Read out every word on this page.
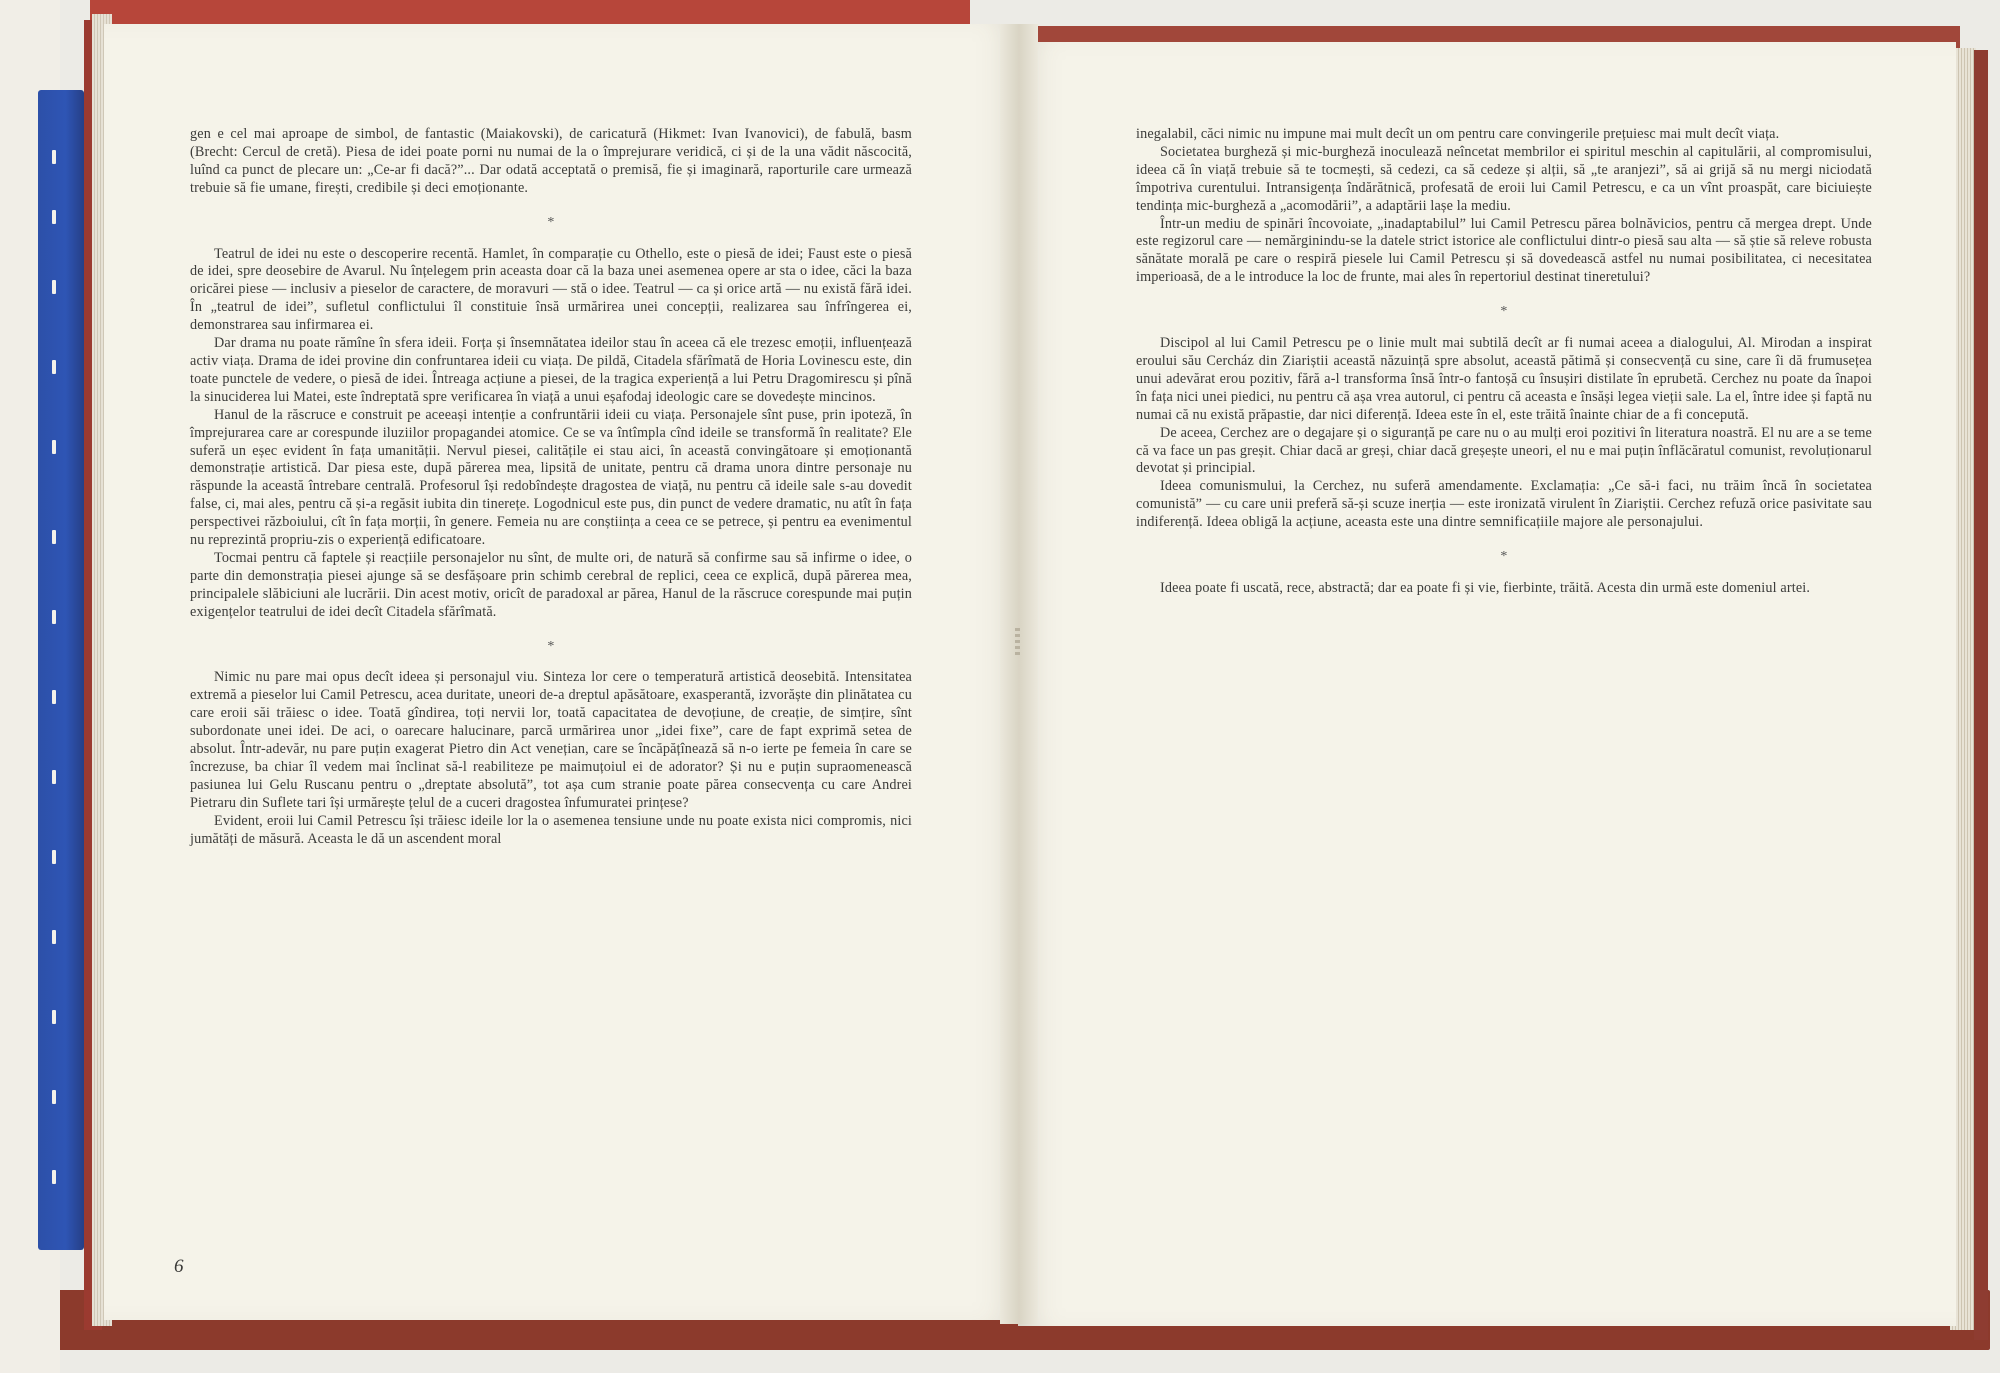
gen e cel mai aproape de simbol, de fantastic (Maiakovski), de caricatură (Hikmet: Ivan Ivanovici), de fabulă, basm (Brecht: Cercul de cretă). Piesa de idei poate porni nu numai de la o împrejurare veridică, ci și de la una vădit născocită, luînd ca punct de plecare un: „Ce-ar fi dacă?”... Dar odată acceptată o premisă, fie și imaginară, raporturile care urmează trebuie să fie umane, firești, credibile și deci emoționante.

*

Teatrul de idei nu este o descoperire recentă. Hamlet, în comparație cu Othello, este o piesă de idei; Faust este o piesă de idei, spre deosebire de Avarul. Nu înțelegem prin aceasta doar că la baza unei asemenea opere ar sta o idee, căci la baza oricărei piese — inclusiv a pieselor de caractere, de moravuri — stă o idee. Teatrul — ca și orice artă — nu există fără idei. În „teatrul de idei”, sufletul conflictului îl constituie însă urmărirea unei concepții, realizarea sau înfrîngerea ei, demonstrarea sau infirmarea ei.

Dar drama nu poate rămîne în sfera ideii. Forța și însemnătatea ideilor stau în aceea că ele trezesc emoții, influențează activ viața. Drama de idei provine din confruntarea ideii cu viața. De pildă, Citadela sfărîmată de Horia Lovinescu este, din toate punctele de vedere, o piesă de idei. Întreaga acțiune a piesei, de la tragica experiență a lui Petru Dragomirescu și pînă la sinuciderea lui Matei, este îndreptată spre verificarea în viață a unui eșafodaj ideologic care se dovedește mincinos.

Hanul de la răscruce e construit pe aceeași intenție a confruntării ideii cu viața. Personajele sînt puse, prin ipoteză, în împrejurarea care ar corespunde iluziilor propagandei atomice. Ce se va întîmpla cînd ideile se transformă în realitate? Ele suferă un eșec evident în fața umanității. Nervul piesei, calitățile ei stau aici, în această convingătoare și emoționantă demonstrație artistică. Dar piesa este, după părerea mea, lipsită de unitate, pentru că drama unora dintre personaje nu răspunde la această întrebare centrală. Profesorul își redobîndește dragostea de viață, nu pentru că ideile sale s-au dovedit false, ci, mai ales, pentru că și-a regăsit iubita din tinerețe. Logodnicul este pus, din punct de vedere dramatic, nu atît în fața perspectivei războiului, cît în fața morții, în genere. Femeia nu are conștiința a ceea ce se petrece, și pentru ea evenimentul nu reprezintă propriu-zis o experiență edificatoare.

Tocmai pentru că faptele și reacțiile personajelor nu sînt, de multe ori, de natură să confirme sau să infirme o idee, o parte din demonstrația piesei ajunge să se desfășoare prin schimb cerebral de replici, ceea ce explică, după părerea mea, principalele slăbiciuni ale lucrării. Din acest motiv, oricît de paradoxal ar părea, Hanul de la răscruce corespunde mai puțin exigențelor teatrului de idei decît Citadela sfărîmată.

*

Nimic nu pare mai opus decît ideea și personajul viu. Sinteza lor cere o temperatură artistică deosebită. Intensitatea extremă a pieselor lui Camil Petrescu, acea duritate, uneori de-a dreptul apăsătoare, exasperantă, izvorăște din plinătatea cu care eroii săi trăiesc o idee. Toată gîndirea, toți nervii lor, toată capacitatea de devoțiune, de creație, de simțire, sînt subordonate unei idei. De aci, o oarecare halucinare, parcă urmărirea unor „idei fixe”, care de fapt exprimă setea de absolut. Într-adevăr, nu pare puțin exagerat Pietro din Act venețian, care se încăpățînează să n-o ierte pe femeia în care se încrezuse, ba chiar îl vedem mai înclinat să-l reabiliteze pe maimuțoiul ei de adorator? Și nu e puțin supraomenească pasiunea lui Gelu Ruscanu pentru o „dreptate absolută”, tot așa cum stranie poate părea consecvența cu care Andrei Pietraru din Suflete tari își urmărește țelul de a cuceri dragostea înfumuratei prințese?

Evident, eroii lui Camil Petrescu își trăiesc ideile lor la o asemenea tensiune unde nu poate exista nici compromis, nici jumătăți de măsură. Aceasta le dă un ascendent moral

6

inegalabil, căci nimic nu impune mai mult decît un om pentru care convingerile prețuiesc mai mult decît viața.

Societatea burgheză și mic-burgheză inoculează neîncetat membrilor ei spiritul meschin al capitulării, al compromisului, ideea că în viață trebuie să te tocmești, să cedezi, ca să cedeze și alții, să „te aranjezi”, să ai grijă să nu mergi niciodată împotriva curentului. Intransigența îndărătnică, profesată de eroii lui Camil Petrescu, e ca un vînt proaspăt, care biciuiește tendința mic-burgheză a „acomodării”, a adaptării lașe la mediu.

Într-un mediu de spinări încovoiate, „inadaptabilul” lui Camil Petrescu părea bolnăvicios, pentru că mergea drept. Unde este regizorul care — nemărginindu-se la datele strict istorice ale conflictului dintr-o piesă sau alta — să știe să releve robusta sănătate morală pe care o respiră piesele lui Camil Petrescu și să dovedească astfel nu numai posibilitatea, ci necesitatea imperioasă, de a le introduce la loc de frunte, mai ales în repertoriul destinat tineretului?

*

Discipol al lui Camil Petrescu pe o linie mult mai subtilă decît ar fi numai aceea a dialogului, Al. Mirodan a inspirat eroului său Cercház din Ziariștii această năzuință spre absolut, această pătimă și consecvență cu sine, care îi dă frumusețea unui adevărat erou pozitiv, fără a-l transforma însă într-o fantoșă cu însușiri distilate în eprubetă. Cerchez nu poate da înapoi în fața nici unei piedici, nu pentru că așa vrea autorul, ci pentru că aceasta e însăși legea vieții sale. La el, între idee și faptă nu numai că nu există prăpastie, dar nici diferență. Ideea este în el, este trăită înainte chiar de a fi concepută.

De aceea, Cerchez are o degajare și o siguranță pe care nu o au mulți eroi pozitivi în literatura noastră. El nu are a se teme că va face un pas greșit. Chiar dacă ar greși, chiar dacă greșește uneori, el nu e mai puțin înflăcăratul comunist, revoluționarul devotat și principial.

Ideea comunismului, la Cerchez, nu suferă amendamente. Exclamația: „Ce să-i faci, nu trăim încă în societatea comunistă” — cu care unii preferă să-și scuze inerția — este ironizată virulent în Ziariștii. Cerchez refuză orice pasivitate sau indiferență. Ideea obligă la acțiune, aceasta este una dintre semnificațiile majore ale personajului.

*

Ideea poate fi uscată, rece, abstractă; dar ea poate fi și vie, fierbinte, trăită. Acesta din urmă este domeniul artei.
